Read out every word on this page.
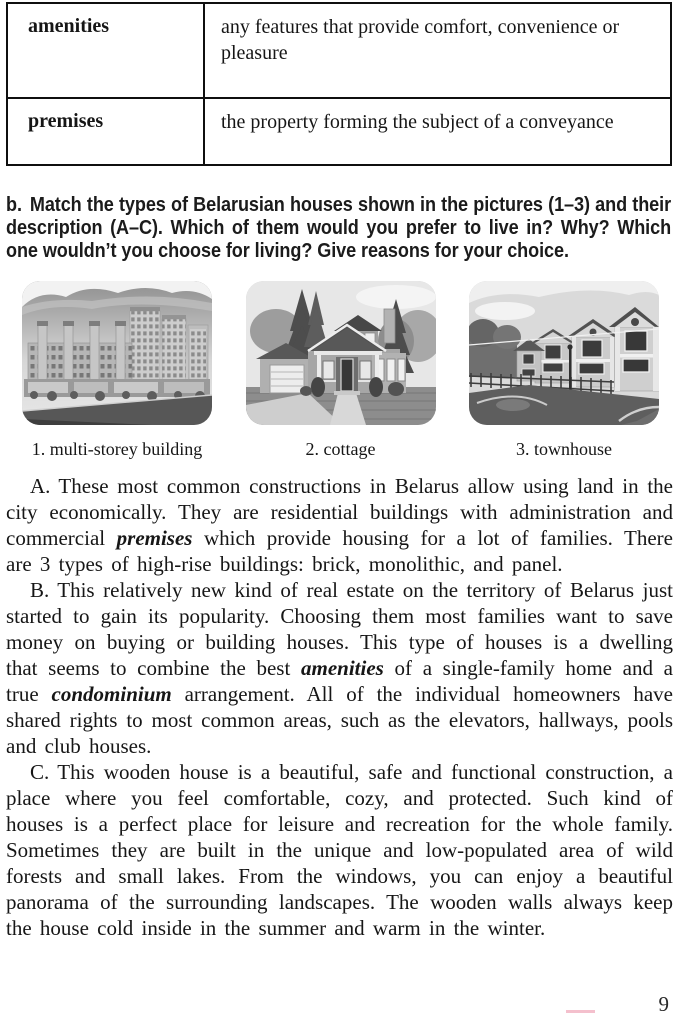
amenities	any features that provide comfort, convenience or pleasure
premises	the property forming the subject of a conveyance
b. Match the types of Belarusian houses shown in the pictures (1–3) and their description (A–C). Which of them would you prefer to live in? Why? Which one wouldn’t you choose for living? Give reasons for your choice.
1. multi-storey building	2. cottage	3. townhouse

A. These most common constructions in Belarus allow using land in the city economically. They are residential buildings with administration and commercial premises which provide housing for a lot of families. There are 3 types of high-rise buildings: brick, monolithic, and panel.

B. This relatively new kind of real estate on the territory of Belarus just started to gain its popularity. Choosing them most families want to save money on buying or building houses. This type of houses is a dwelling that seems to combine the best amenities of a single-family home and a true condominium arrangement. All of the individual homeowners have shared rights to most common areas, such as the elevators, hallways, pools and club houses.

C. This wooden house is a beautiful, safe and functional construction, a place where you feel comfortable, cozy, and protected. Such kind of houses is a perfect place for leisure and recreation for the whole family. Sometimes they are built in the unique and low-populated area of wild forests and small lakes. From the windows, you can enjoy a beautiful panorama of the surrounding landscapes. The wooden walls always keep the house cold inside in the summer and warm in the winter.

9
